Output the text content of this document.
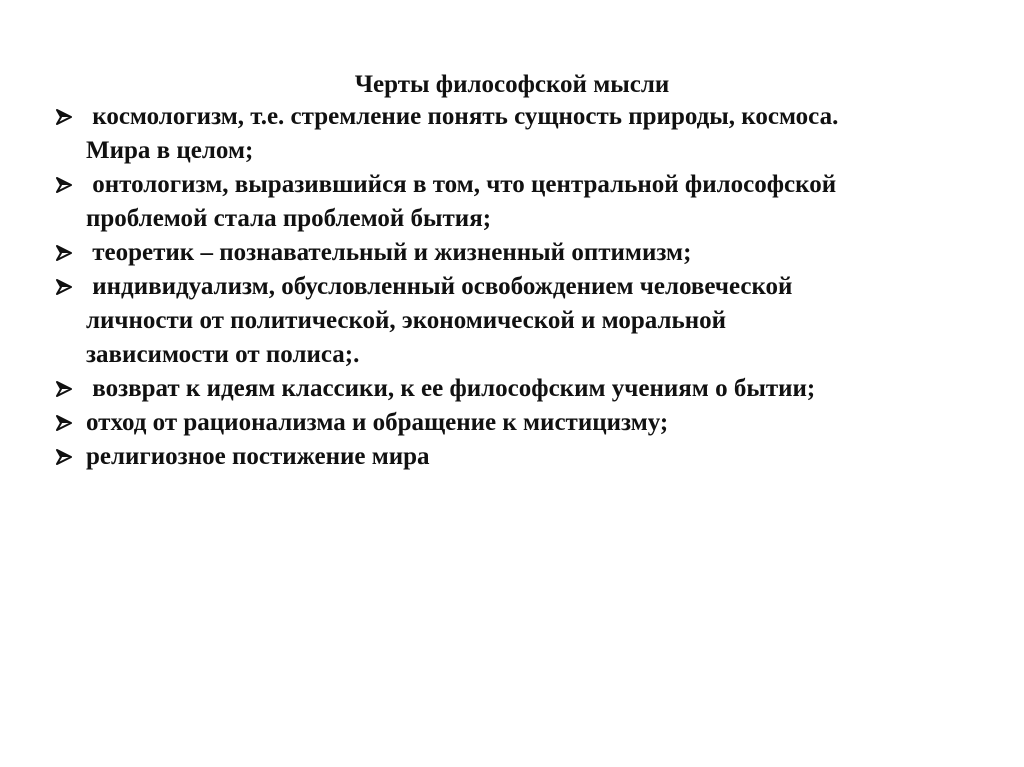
Черты философской мысли
космологизм, т.е. стремление понять сущность природы, космоса.
Мира в целом;
онтологизм, выразившийся в том, что центральной философской
проблемой стала проблемой бытия;
теоретик – познавательный и жизненный оптимизм;
индивидуализм, обусловленный освобождением человеческой
личности от политической, экономической и моральной
зависимости от полиса;.
возврат к идеям классики, к ее философским учениям о бытии;
отход от рационализма и обращение к мистицизму;
религиозное постижение мира
